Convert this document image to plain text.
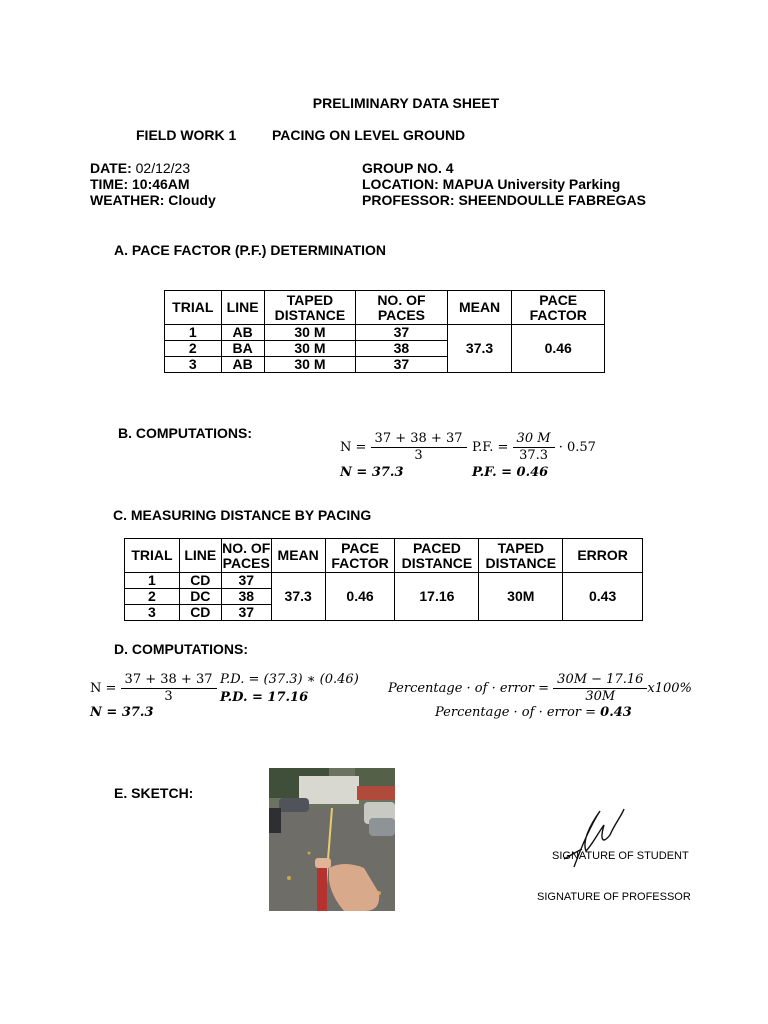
PRELIMINARY DATA SHEET
FIELD WORK 1	PACING ON LEVEL GROUND
DATE: 02/12/23
TIME: 10:46AM
WEATHER: Cloudy
GROUP NO. 4
LOCATION: MAPUA University Parking
PROFESSOR: SHEENDOULLE FABREGAS
A. PACE FACTOR (P.F.) DETERMINATION
TRIAL	LINE	TAPED DISTANCE	NO. OF PACES	MEAN	PACE FACTOR
1	AB	30 M	37	37.3	0.46
2	BA	30 M	38		
3	AB	30 M	37		
B. COMPUTATIONS:
$N = \frac{37 + 38 + 37}{3}$
N = 37.3
P.F. = $\frac{30 M}{37.3} \cdot 0.57$
P.F. = 0.46
C. MEASURING DISTANCE BY PACING
TRIAL	LINE	NO. OF PACES	MEAN	PACE FACTOR	PACED DISTANCE	TAPED DISTANCE	ERROR
1	CD	37	37.3	0.46	17.16	30M	0.43
2	DC	38					
3	CD	37					
D. COMPUTATIONS:
$N = \frac{37 + 38 + 37}{3}$
N = 37.3
P.D. = (37.3) ∗ (0.46)
P.D. = 17.16
Percentage · of · error = $\frac{30M - 17.16}{30M} x100\%$
Percentage · of · error = 0.43
E. SKETCH:
SIGNATURE OF STUDENT
SIGNATURE OF PROFESSOR
